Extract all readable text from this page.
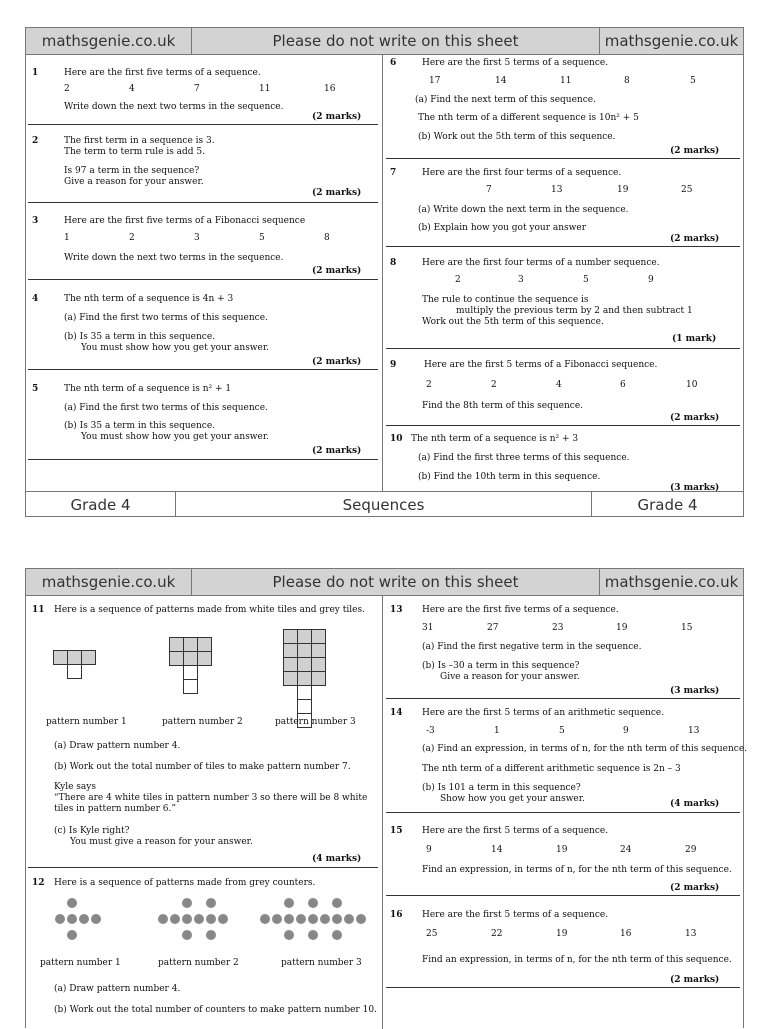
mathsgenie.co.uk	Please do not write on this sheet	mathsgenie.co.uk
1	Here are the first five terms of a sequence.
2	4	7	11	16
Write down the next two terms in the sequence.
(2 marks)
2	The first term in a sequence is 3.
The term to term rule is add 5.
Is 97 a term in the sequence?
Give a reason for your answer.
(2 marks)
3	Here are the first five terms of a Fibonacci sequence
1	2	3	5	8
Write down the next two terms in the sequence.
(2 marks)
4	The nth term of a sequence is 4n + 3
(a) Find the first two terms of this sequence.
(b) Is 35 a term in this sequence.
You must show how you get your answer.
(2 marks)
5	The nth term of a sequence is n² + 1
(a) Find the first two terms of this sequence.
(b) Is 35 a term in this sequence.
You must show how you get your answer.
(2 marks)
6	Here are the first 5 terms of a sequence.
17	14	11	8	5
(a) Find the next term of this sequence.
The nth term of a different sequence is 10n² + 5
(b) Work out the 5th term of this sequence.
(2 marks)
7	Here are the first four terms of a sequence.
7	13	19	25
(a) Write down the next term in the sequence.
(b) Explain how you got your answer
(2 marks)
8	Here are the first four terms of a number sequence.
2	3	5	9
The rule to continue the sequence is
multiply the previous term by 2 and then subtract 1
Work out the 5th term of this sequence.
(1 mark)
9	Here are the first 5 terms of a Fibonacci sequence.
2	2	4	6	10
Find the 8th term of this sequence.
(2 marks)
10 The nth term of a sequence is n² + 3
(a) Find the first three terms of this sequence.
(b) Find the 10th term in this sequence.
(3 marks)
Grade 4	Sequences	Grade 4
mathsgenie.co.uk	Please do not write on this sheet	mathsgenie.co.uk
11 Here is a sequence of patterns made from white tiles and grey tiles.
pattern number 1	pattern number 2	pattern number 3
(a) Draw pattern number 4.
(b) Work out the total number of tiles to make pattern number 7.
Kyle says
“There are 4 white tiles in pattern number 3 so there will be 8 white
tiles in pattern number 6.”
(c) Is Kyle right?
You must give a reason for your answer.
(4 marks)
12 Here is a sequence of patterns made from grey counters.
pattern number 1	pattern number 2	pattern number 3
(a) Draw pattern number 4.
(b) Work out the total number of counters to make pattern number 10.
13 Here are the first five terms of a sequence.
31	27	23	19	15
(a) Find the first negative term in the sequence.
(b) Is –30 a term in this sequence?
Give a reason for your answer.
(3 marks)
14 Here are the first 5 terms of an arithmetic sequence.
-3	1	5	9	13
(a) Find an expression, in terms of n, for the nth term of this sequence.
The nth term of a different arithmetic sequence is 2n – 3
(b) Is 101 a term in this sequence?
Show how you get your answer.	(4 marks)
15 Here are the first 5 terms of a sequence.
9	14	19	24	29
Find an expression, in terms of n, for the nth term of this sequence.
(2 marks)
16 Here are the first 5 terms of a sequence.
25	22	19	16	13
Find an expression, in terms of n, for the nth term of this sequence.
(2 marks)
